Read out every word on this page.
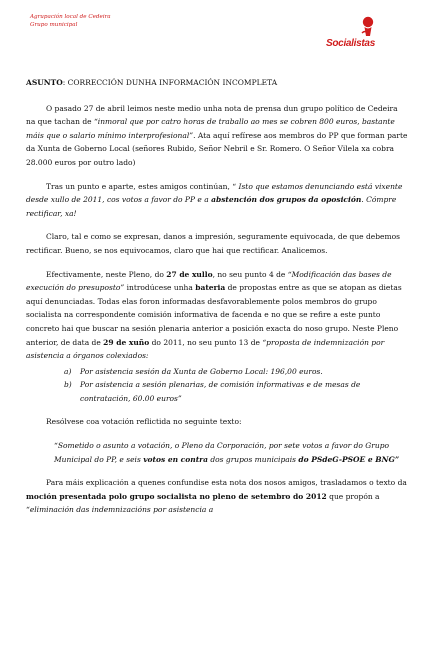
Agrupación local de Cedeira
Grupo municipal
Socialistas

ASUNTO: CORRECCIÓN DUNHA INFORMACIÓN INCOMPLETA

O pasado 27 de abril leimos neste medio unha nota de prensa dun grupo político de Cedeira na que tachan de “inmoral que por catro horas de traballo ao mes se cobren 800 euros, bastante máis que o salario mínimo interprofesional”. Ata aquí refírese aos membros do PP que forman parte da Xunta de Goberno Local (señores Rubido, Señor Nebril e Sr. Romero. O Señor Vilela xa cobra 28.000 euros por outro lado)

Tras un punto e aparte, estes amigos continúan, “ Isto que estamos denunciando está vixente desde xullo de 2011, cos votos a favor do PP e a abstención dos grupos da oposición. Cómpre rectificar, xa!

Claro, tal e como se expresan, danos a impresión, seguramente equivocada, de que debemos rectificar. Bueno, se nos equivocamos, claro que hai que rectificar. Analicemos.

Efectivamente, neste Pleno, do 27 de xullo, no seu punto 4 de “Modificación das bases de execución do presuposto” introdúcese unha bateria de propostas entre as que se atopan as dietas aquí denunciadas. Todas elas foron informadas desfavorablemente polos membros do grupo socialista na correspondente comisión informativa de facenda e no que se refire a este punto concreto hai que buscar na sesión plenaria anterior a posición exacta do noso grupo. Neste Pleno anterior, de data de 29 de xuño do 2011, no seu punto 13 de “proposta de indemnización por asistencia a órganos colexiados:

a) Por asistencia sesión da Xunta de Goberno Local: 196,00 euros.
b) Por asistencia a sesión plenarias, de comisión informativas e de mesas de contratación, 60.00 euros”

Resólvese coa votación reflictida no seguinte texto:

“Sometido o asunto a votación, o Pleno da Corporación, por sete votos a favor do Grupo Municipal do PP, e seis votos en contra dos grupos municipais do PSdeG-PSOE e BNG”

Para máis explicación a quenes confundise esta nota dos nosos amigos, trasladamos o texto da moción presentada polo grupo socialista no pleno de setembro do 2012 que propón a “eliminación das indemnizacións por asistencia a
